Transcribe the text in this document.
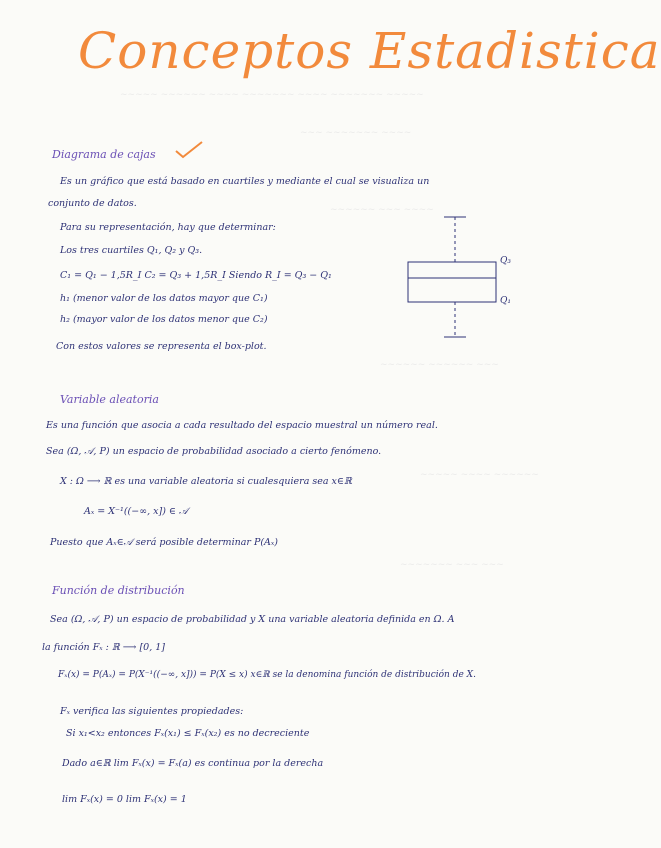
~~~~~ ~~~~~~ ~~~~ ~~~~~~~ ~~~~ ~~~~~~~ ~~~~~
~~~ ~~~~~~~ ~~~~
~~~~~~ ~~~ ~~~~
~~~~~~ ~~~~~~ ~~~
~~~~~ ~~~~ ~~~~~~
~~~~~~~ ~~~ ~~~
Conceptos Estadistica
Diagrama de cajas
Es un gráfico que está basado en cuartiles y mediante el cual se visualiza un
conjunto de datos.
Para su representación, hay que determinar:
Los tres cuartiles Q₁, Q₂ y Q₃.
C₁ = Q₁ − 1,5R_I C₂ = Q₃ + 1,5R_I Siendo R_I = Q₃ − Q₁
h₁ (menor valor de los datos mayor que C₁)
h₂ (mayor valor de los datos menor que C₂)
Con estos valores se representa el box-plot.
Q₃
Q₁
Variable aleatoria
Es una función que asocia a cada resultado del espacio muestral un número real.
Sea (Ω, 𝒜, P) un espacio de probabilidad asociado a cierto fenómeno.
X : Ω ⟶ ℝ es una variable aleatoria si cualesquiera sea x∈ℝ
Aₓ = X⁻¹((−∞, x]) ∈ 𝒜
Puesto que Aₓ∈𝒜 será posible determinar P(Aₓ)
Función de distribución
Sea (Ω, 𝒜, P) un espacio de probabilidad y X una variable aleatoria definida en Ω. A
la función Fₓ : ℝ ⟶ [0, 1]
Fₓ(x) = P(Aₓ) = P(X⁻¹((−∞, x])) = P(X ≤ x) x∈ℝ se la denomina función de distribución de X.
Fₓ verifica las siguientes propiedades:
Si x₁<x₂ entonces Fₓ(x₁) ≤ Fₓ(x₂) es no decreciente
Dado a∈ℝ lim Fₓ(x) = Fₓ(a) es continua por la derecha
lim Fₓ(x) = 0 lim Fₓ(x) = 1
